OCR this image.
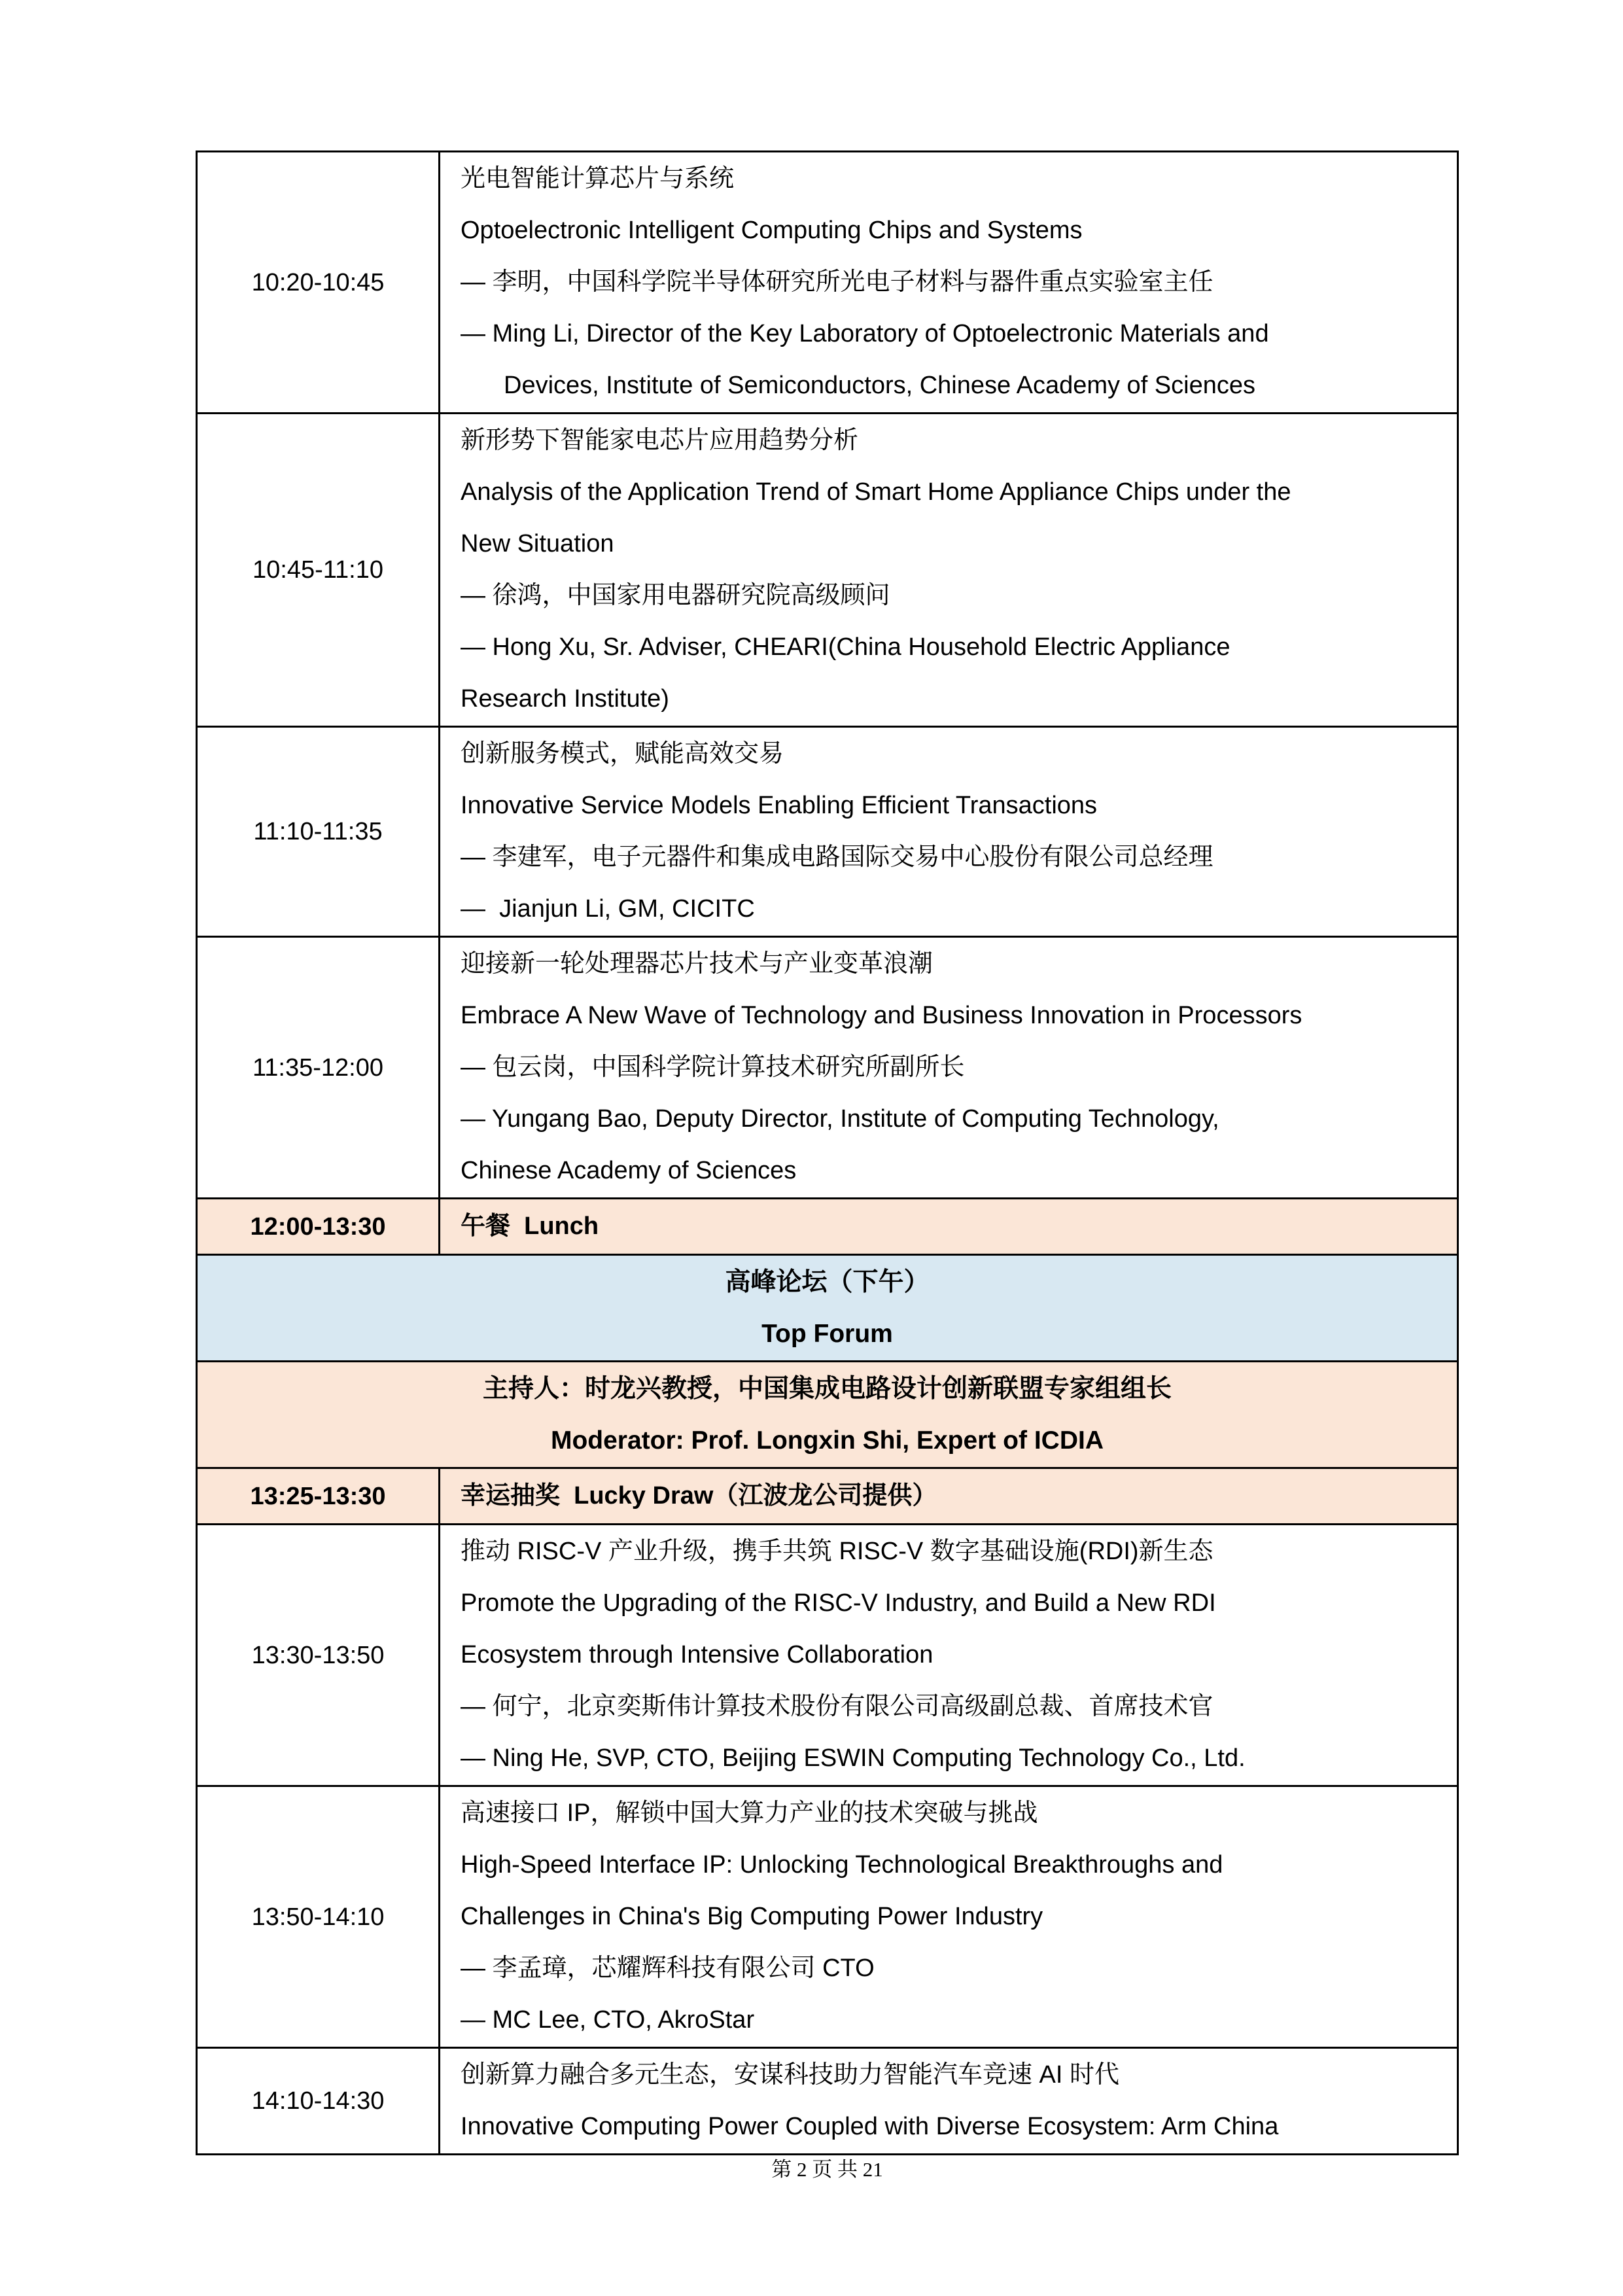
10:20-10:45	光电智能计算芯片与系统
Optoelectronic Intelligent Computing Chips and Systems
— 李明，中国科学院半导体研究所光电子材料与器件重点实验室主任
— Ming Li, Director of the Key Laboratory of Optoelectronic Materials and
Devices, Institute of Semiconductors, Chinese Academy of Sciences

10:45-11:10	
新形势下智能家电芯片应用趋势分析
Analysis of the Application Trend of Smart Home Appliance Chips under the
New Situation
— 徐鸿，中国家用电器研究院高级顾问
— Hong Xu, Sr. Adviser, CHEARI(China Household Electric Appliance
Research Institute)

11:10-11:35	创新服务模式，赋能高效交易
Innovative Service Models Enabling Efficient Transactions
— 李建军，电子元器件和集成电路国际交易中心股份有限公司总经理
—  Jianjun Li, GM, CICITC

11:35-12:00	迎接新一轮处理器芯片技术与产业变革浪潮
Embrace A New Wave of Technology and Business Innovation in Processors
— 包云岗，中国科学院计算技术研究所副所长
— Yungang Bao, Deputy Director, Institute of Computing Technology,
Chinese Academy of Sciences

12:00-13:30	午餐  Lunch

高峰论坛（下午）
Top Forum	

主持人：时龙兴教授，中国集成电路设计创新联盟专家组组长
Moderator: Prof. Longxin Shi, Expert of ICDIA	

13:25-13:30	幸运抽奖  Lucky Draw（江波龙公司提供）

13:30-13:50	推动 RISC-V 产业升级，携手共筑 RISC-V 数字基础设施(RDI)新生态
Promote the Upgrading of the RISC-V Industry, and Build a New RDI
Ecosystem through Intensive Collaboration
— 何宁，北京奕斯伟计算技术股份有限公司高级副总裁、首席技术官
— Ning He, SVP, CTO, Beijing ESWIN Computing Technology Co., Ltd.

13:50-14:10	高速接口 IP，解锁中国大算力产业的技术突破与挑战
High-Speed Interface IP: Unlocking Technological Breakthroughs and
Challenges in China's Big Computing Power Industry
— 李孟璋，芯耀辉科技有限公司 CTO
— MC Lee, CTO, AkroStar

14:10-14:30	创新算力融合多元生态，安谋科技助力智能汽车竞速 AI 时代
Innovative Computing Power Coupled with Diverse Ecosystem: Arm China
第 2 页 共 21
